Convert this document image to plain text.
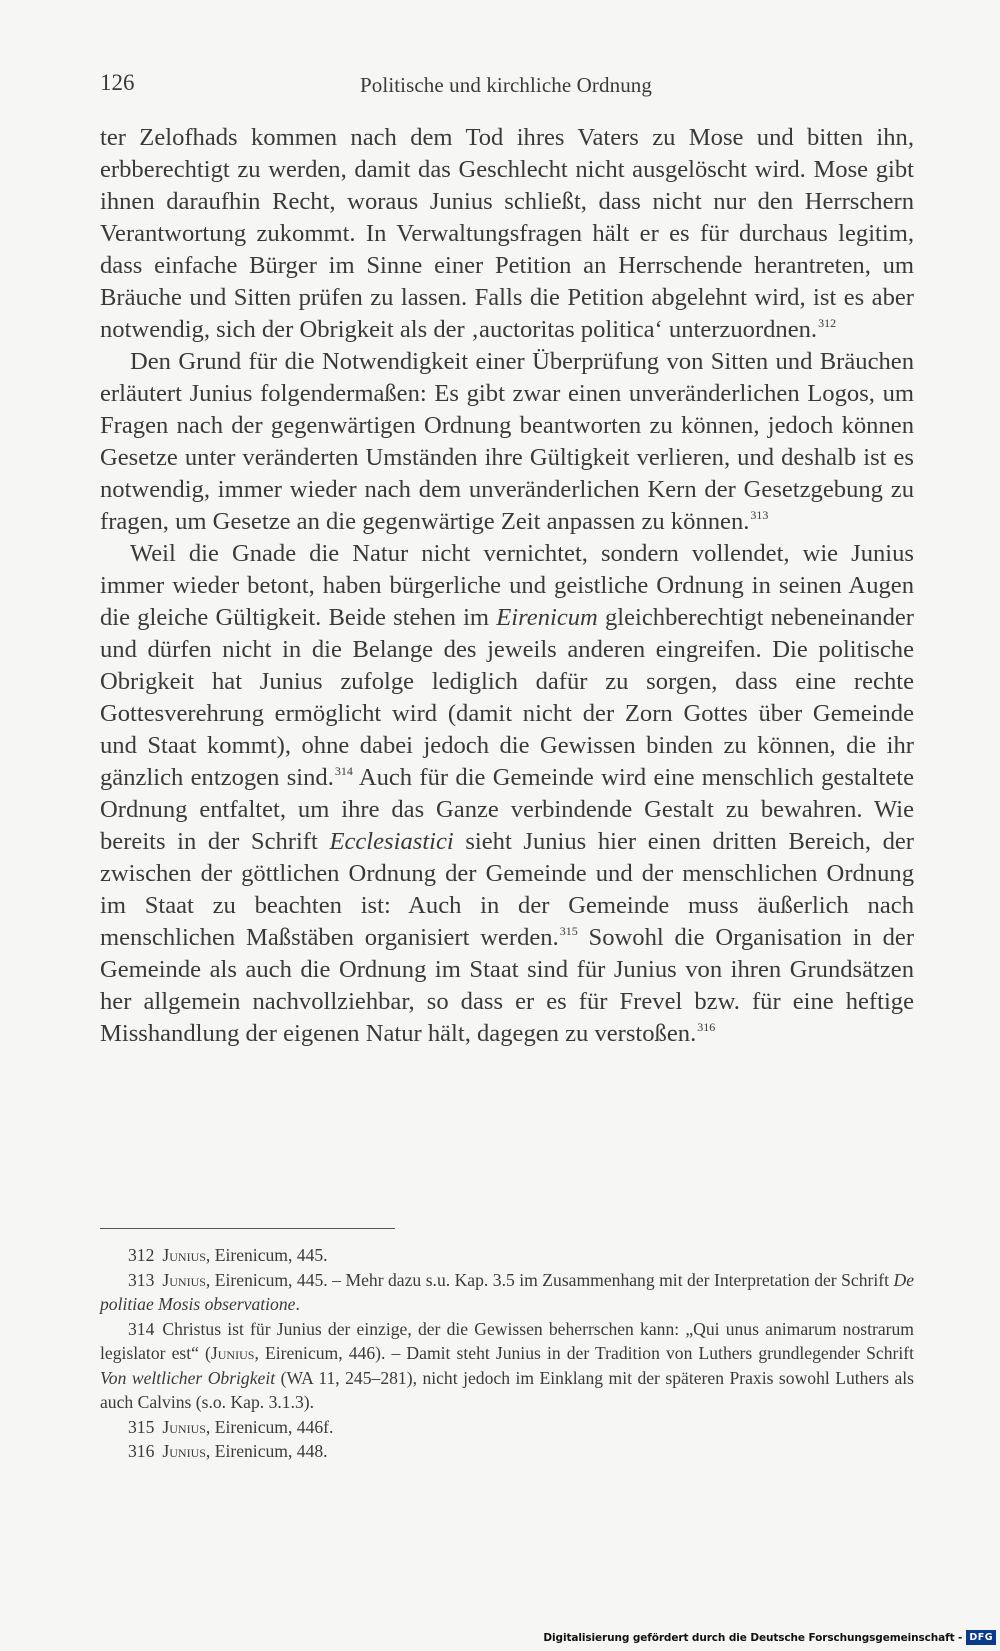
126	Politische und kirchliche Ordnung

ter Zelofhads kommen nach dem Tod ihres Vaters zu Mose und bitten ihn, erbberechtigt zu werden, damit das Geschlecht nicht ausgelöscht wird. Mose gibt ihnen daraufhin Recht, woraus Junius schließt, dass nicht nur den Herrschern Verantwortung zukommt. In Verwaltungsfragen hält er es für durchaus legitim, dass einfache Bürger im Sinne einer Petition an Herrschende herantreten, um Bräuche und Sitten prüfen zu lassen. Falls die Petition abgelehnt wird, ist es aber notwendig, sich der Obrigkeit als der ‚auctoritas politica‘ unterzuordnen.$^{312}$

Den Grund für die Notwendigkeit einer Überprüfung von Sitten und Bräuchen erläutert Junius folgendermaßen: Es gibt zwar einen unveränderlichen Logos, um Fragen nach der gegenwärtigen Ordnung beantworten zu können, jedoch können Gesetze unter veränderten Umständen ihre Gültigkeit verlieren, und deshalb ist es notwendig, immer wieder nach dem unveränderlichen Kern der Gesetzgebung zu fragen, um Gesetze an die gegenwärtige Zeit anpassen zu können.$^{313}$

Weil die Gnade die Natur nicht vernichtet, sondern vollendet, wie Junius immer wieder betont, haben bürgerliche und geistliche Ordnung in seinen Augen die gleiche Gültigkeit. Beide stehen im Eirenicum gleichberechtigt nebeneinander und dürfen nicht in die Belange des jeweils anderen eingreifen. Die politische Obrigkeit hat Junius zufolge lediglich dafür zu sorgen, dass eine rechte Gottesverehrung ermöglicht wird (damit nicht der Zorn Gottes über Gemeinde und Staat kommt), ohne dabei jedoch die Gewissen binden zu können, die ihr gänzlich entzogen sind.$^{314}$ Auch für die Gemeinde wird eine menschlich gestaltete Ordnung entfaltet, um ihre das Ganze verbindende Gestalt zu bewahren. Wie bereits in der Schrift Ecclesiastici sieht Junius hier einen dritten Bereich, der zwischen der göttlichen Ordnung der Gemeinde und der menschlichen Ordnung im Staat zu beachten ist: Auch in der Gemeinde muss äußerlich nach menschlichen Maßstäben organisiert werden.$^{315}$ Sowohl die Organisation in der Gemeinde als auch die Ordnung im Staat sind für Junius von ihren Grundsätzen her allgemein nachvollziehbar, so dass er es für Frevel bzw. für eine heftige Misshandlung der eigenen Natur hält, dagegen zu verstoßen.$^{316}$

312 Junius, Eirenicum, 445.

313 Junius, Eirenicum, 445. – Mehr dazu s.u. Kap. 3.5 im Zusammenhang mit der Interpretation der Schrift De politiae Mosis observatione.

314 Christus ist für Junius der einzige, der die Gewissen beherrschen kann: „Qui unus animarum nostrarum legislator est“ (Junius, Eirenicum, 446). – Damit steht Junius in der Tradition von Luthers grundlegender Schrift Von weltlicher Obrigkeit (WA 11, 245–281), nicht jedoch im Einklang mit der späteren Praxis sowohl Luthers als auch Calvins (s.o. Kap. 3.1.3).

315 Junius, Eirenicum, 446f.

316 Junius, Eirenicum, 448.

Digitalisierung gefördert durch die Deutsche Forschungsgemeinschaft - DFG
